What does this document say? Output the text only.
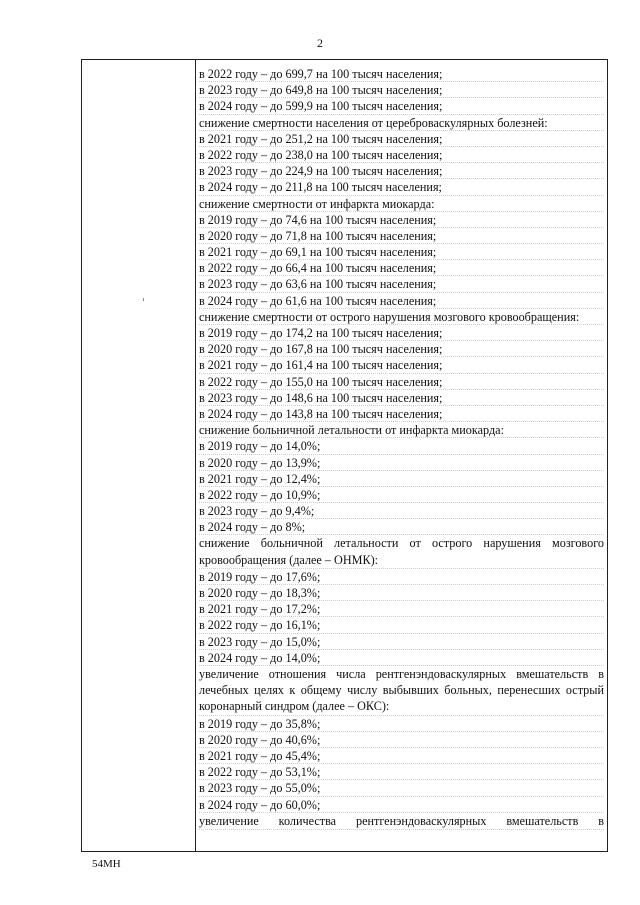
2
в 2022 году – до 699,7 на 100 тысяч населения;
в 2023 году – до 649,8 на 100 тысяч населения;
в 2024 году – до 599,9 на 100 тысяч населения;
снижение смертности населения от цереброваскулярных болезней:
в 2021 году – до 251,2 на 100 тысяч населения;
в 2022 году – до 238,0 на 100 тысяч населения;
в 2023 году – до 224,9 на 100 тысяч населения;
в 2024 году – до 211,8 на 100 тысяч населения;
снижение смертности от инфаркта миокарда:
в 2019 году – до 74,6 на 100 тысяч населения;
в 2020 году – до 71,8 на 100 тысяч населения;
в 2021 году – до 69,1 на 100 тысяч населения;
в 2022 году – до 66,4 на 100 тысяч населения;
в 2023 году – до 63,6 на 100 тысяч населения;
в 2024 году – до 61,6 на 100 тысяч населения;
снижение смертности от острого нарушения мозгового кровообращения:
в 2019 году – до 174,2 на 100 тысяч населения;
в 2020 году – до 167,8 на 100 тысяч населения;
в 2021 году – до 161,4 на 100 тысяч населения;
в 2022 году – до 155,0 на 100 тысяч населения;
в 2023 году – до 148,6 на 100 тысяч населения;
в 2024 году – до 143,8 на 100 тысяч населения;
снижение больничной летальности от инфаркта миокарда:
в 2019 году – до 14,0%;
в 2020 году – до 13,9%;
в 2021 году – до 12,4%;
в 2022 году – до 10,9%;
в 2023 году – до 9,4%;
в 2024 году – до 8%;
снижение больничной летальности от острого нарушения мозгового кровообращения (далее – ОНМК):
в 2019 году – до 17,6%;
в 2020 году – до 18,3%;
в 2021 году – до 17,2%;
в 2022 году – до 16,1%;
в 2023 году – до 15,0%;
в 2024 году – до 14,0%;
увеличение отношения числа рентгенэндоваскулярных вмешательств в лечебных целях к общему числу выбывших больных, перенесших острый коронарный синдром (далее – ОКС):
в 2019 году – до 35,8%;
в 2020 году – до 40,6%;
в 2021 году – до 45,4%;
в 2022 году – до 53,1%;
в 2023 году – до 55,0%;
в 2024 году – до 60,0%;
увеличение количества рентгенэндоваскулярных вмешательств в
54МН
